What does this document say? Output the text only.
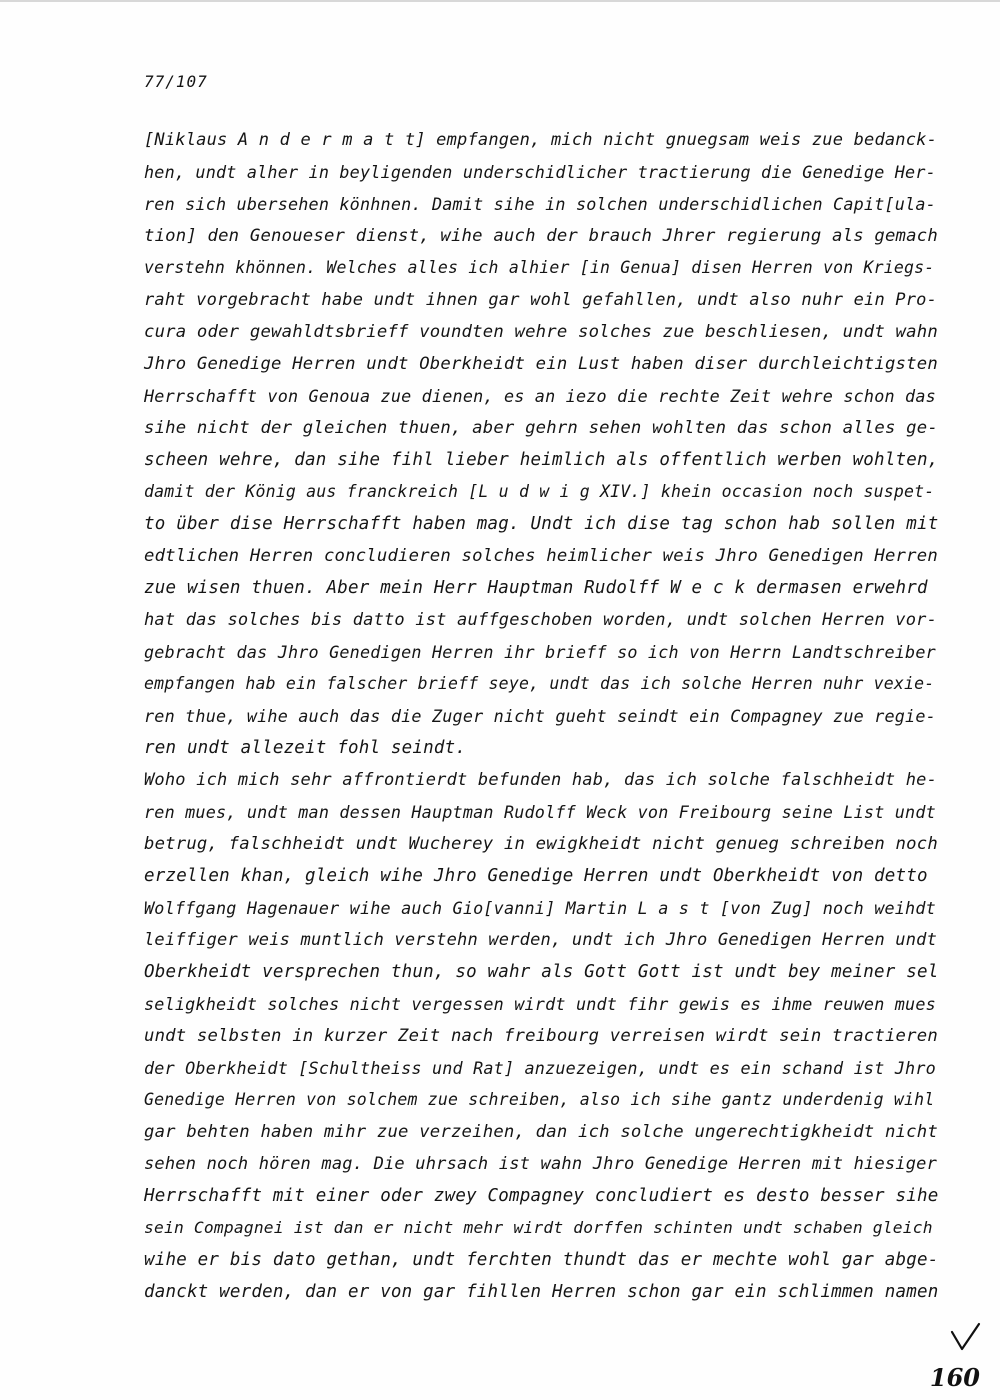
77/107
[Niklaus A n d e r m a t t] empfangen, mich nicht gnuegsam weis zue bedanck-
hen, undt alher in beyligenden underschidlicher tractierung die Genedige Her-
ren sich ubersehen könhnen. Damit sihe in solchen underschidlichen Capit[ula-
tion] den Genoueser dienst, wihe auch der brauch Jhrer regierung als gemach
verstehn khönnen. Welches alles ich alhier [in Genua] disen Herren von Kriegs-
raht vorgebracht habe undt ihnen gar wohl gefahllen, undt also nuhr ein Pro-
cura oder gewahldtsbrieff voundten wehre solches zue beschliesen, undt wahn
Jhro Genedige Herren undt Oberkheidt ein Lust haben diser durchleichtigsten
Herrschafft von Genoua zue dienen, es an iezo die rechte Zeit wehre schon das
sihe nicht der gleichen thuen, aber gehrn sehen wohlten das schon alles ge-
scheen wehre, dan sihe fihl lieber heimlich als offentlich werben wohlten,
damit der König aus franckreich [L u d w i g XIV.] khein occasion noch suspet-
to über dise Herrschafft haben mag. Undt ich dise tag schon hab sollen mit
edtlichen Herren concludieren solches heimlicher weis Jhro Genedigen Herren
zue wisen thuen. Aber mein Herr Hauptman Rudolff W e c k dermasen erwehrd
hat das solches bis datto ist auffgeschoben worden, undt solchen Herren vor-
gebracht das Jhro Genedigen Herren ihr brieff so ich von Herrn Landtschreiber
empfangen hab ein falscher brieff seye, undt das ich solche Herren nuhr vexie-
ren thue, wihe auch das die Zuger nicht gueht seindt ein Compagney zue regie-
ren undt allezeit fohl seindt.
Woho ich mich sehr affrontierdt befunden hab, das ich solche falschheidt he-
ren mues, undt man dessen Hauptman Rudolff Weck von Freibourg seine List undt
betrug, falschheidt undt Wucherey in ewigkheidt nicht genueg schreiben noch
erzellen khan, gleich wihe Jhro Genedige Herren undt Oberkheidt von detto
Wolffgang Hagenauer wihe auch Gio[vanni] Martin L a s t [von Zug] noch weihdt
leiffiger weis muntlich verstehn werden, undt ich Jhro Genedigen Herren undt
Oberkheidt versprechen thun, so wahr als Gott Gott ist undt bey meiner sel
seligkheidt solches nicht vergessen wirdt undt fihr gewis es ihme reuwen mues
undt selbsten in kurzer Zeit nach freibourg verreisen wirdt sein tractieren
der Oberkheidt [Schultheiss und Rat] anzuezeigen, undt es ein schand ist Jhro
Genedige Herren von solchem zue schreiben, also ich sihe gantz underdenig wihl
gar behten haben mihr zue verzeihen, dan ich solche ungerechtigkheidt nicht
sehen noch hören mag. Die uhrsach ist wahn Jhro Genedige Herren mit hiesiger
Herrschafft mit einer oder zwey Compagney concludiert es desto besser sihe
sein Compagnei ist dan er nicht mehr wirdt dorffen schinten undt schaben gleich
wihe er bis dato gethan, undt ferchten thundt das er mechte wohl gar abge-
danckt werden, dan er von gar fihllen Herren schon gar ein schlimmen namen
160
